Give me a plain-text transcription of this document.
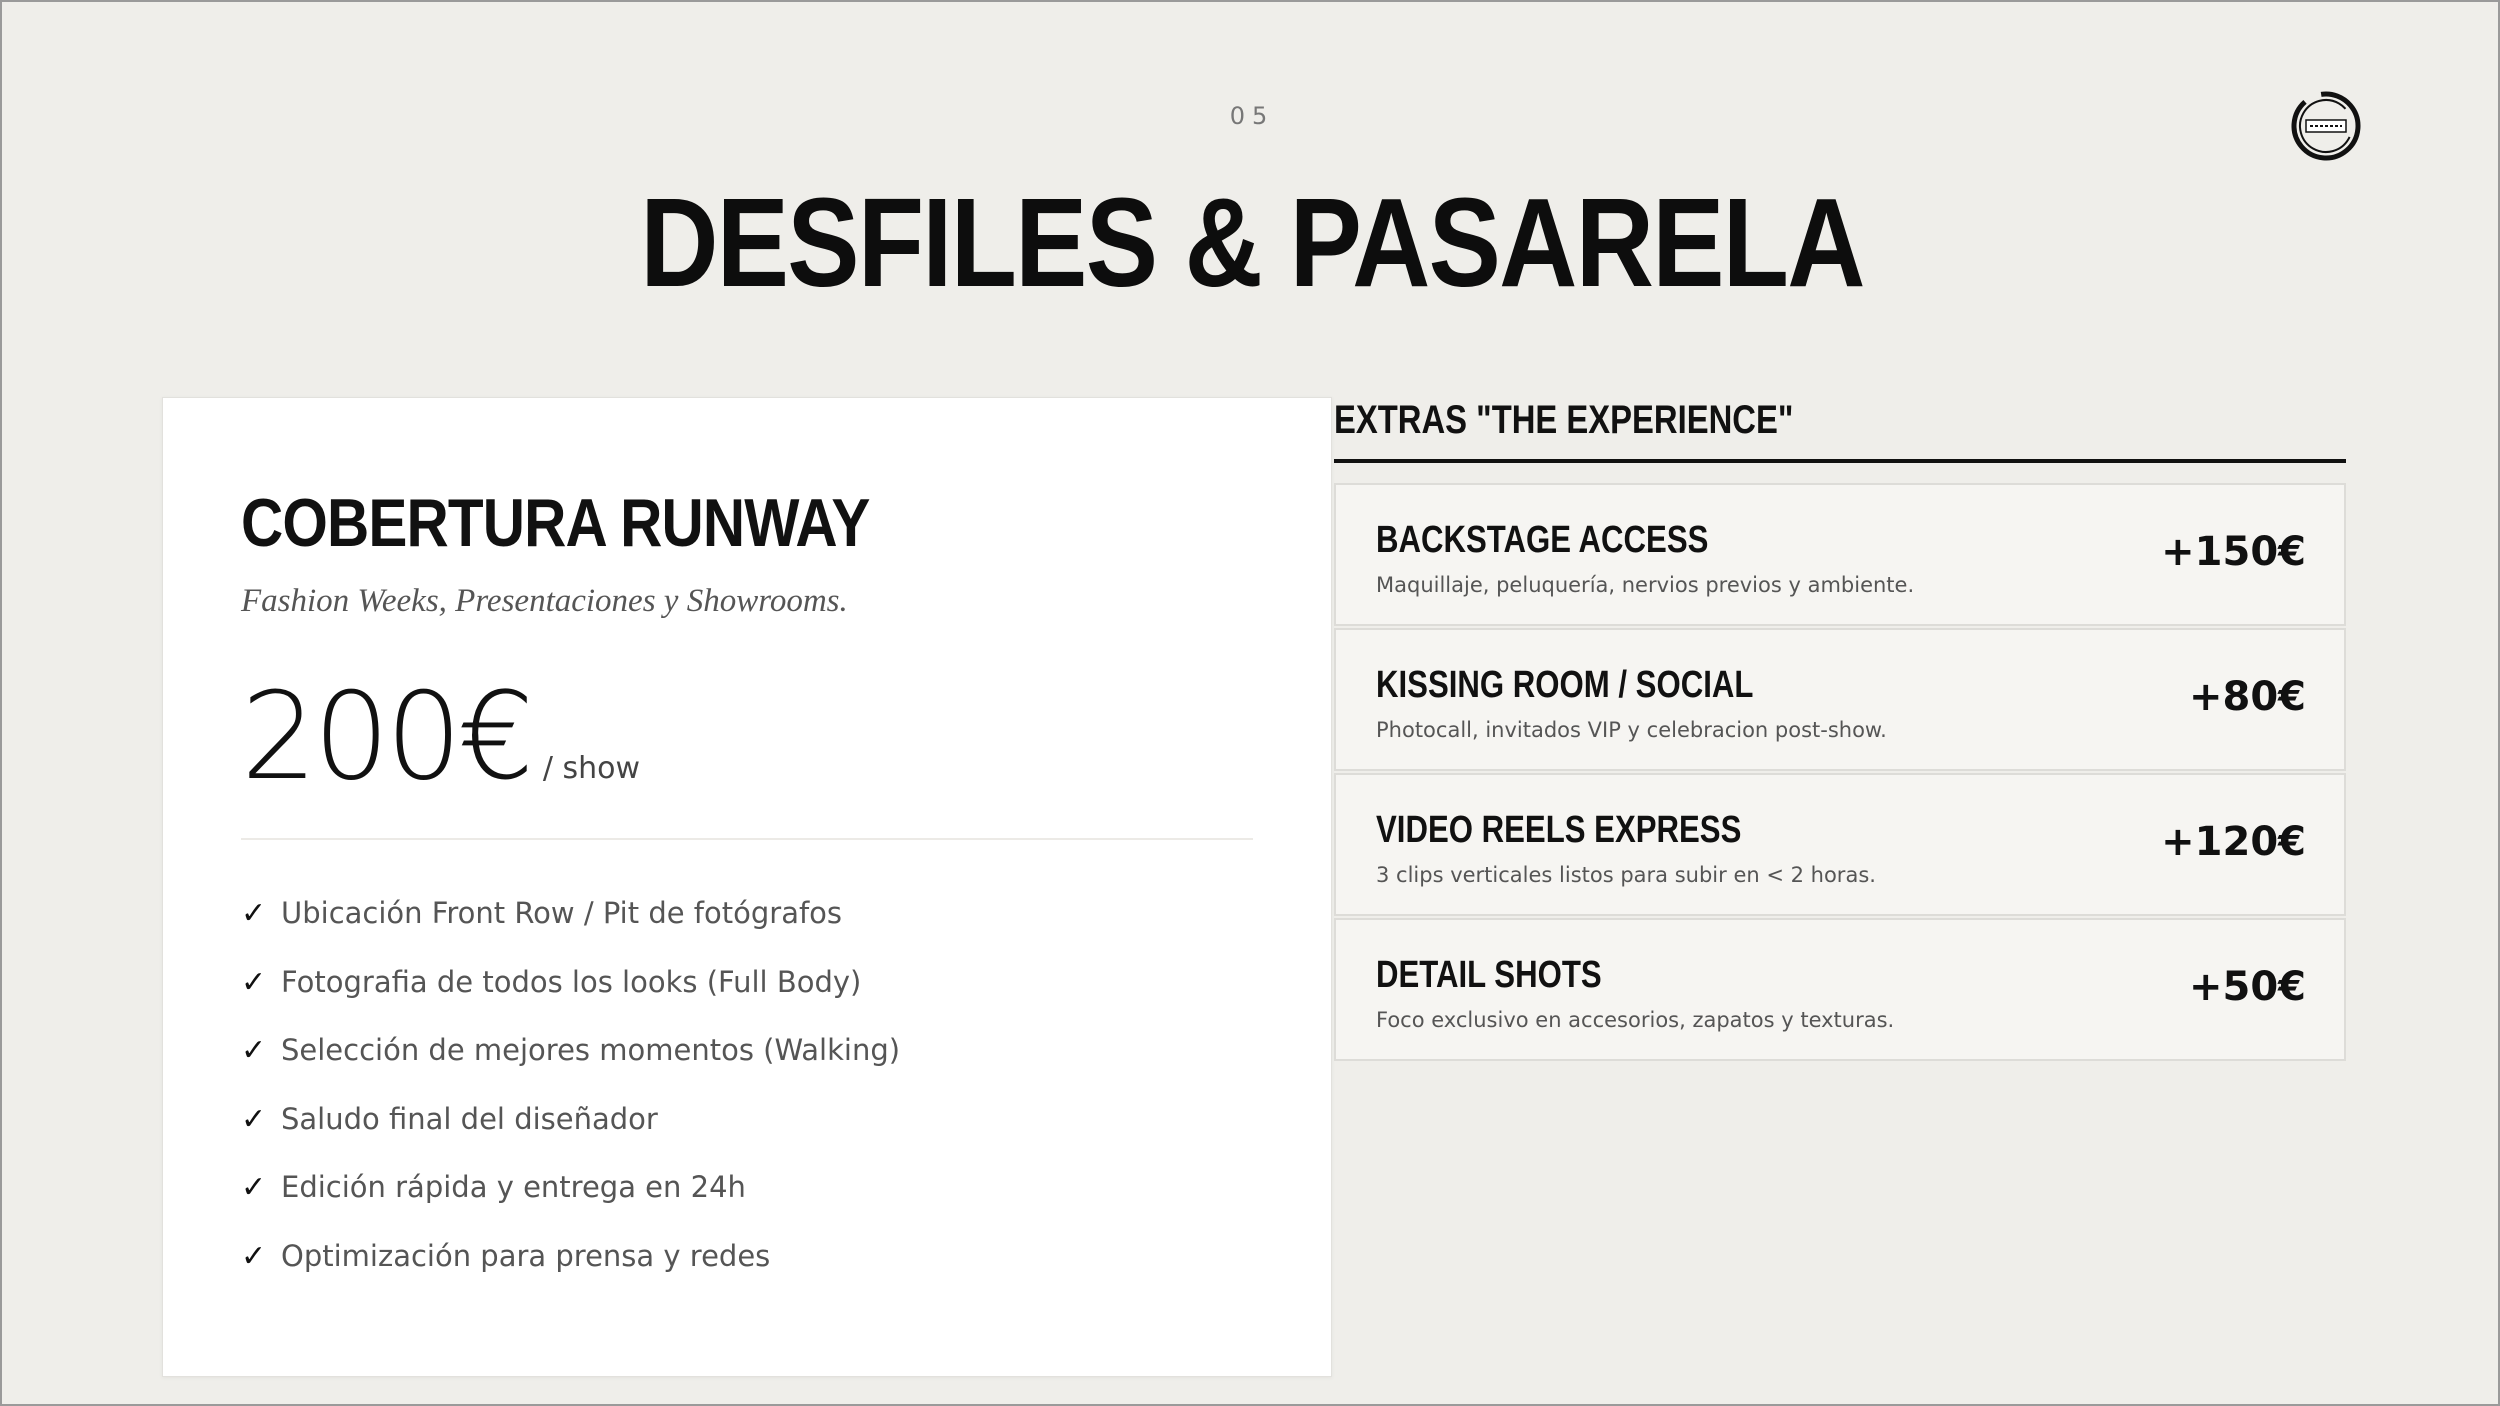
05
DESFILES & PASARELA
COBERTURA RUNWAY
Fashion Weeks, Presentaciones y Showrooms.
200€ / show
✓ Ubicación Front Row / Pit de fotógrafos
✓ Fotografia de todos los looks (Full Body)
✓ Selección de mejores momentos (Walking)
✓ Saludo final del diseñador
✓ Edición rápida y entrega en 24h
✓ Optimización para prensa y redes
EXTRAS "THE EXPERIENCE"
BACKSTAGE ACCESS
Maquillaje, peluquería, nervios previos y ambiente.
+150€
KISSING ROOM / SOCIAL
Photocall, invitados VIP y celebracion post-show.
+80€
VIDEO REELS EXPRESS
3 clips verticales listos para subir en < 2 horas.
+120€
DETAIL SHOTS
Foco exclusivo en accesorios, zapatos y texturas.
+50€
